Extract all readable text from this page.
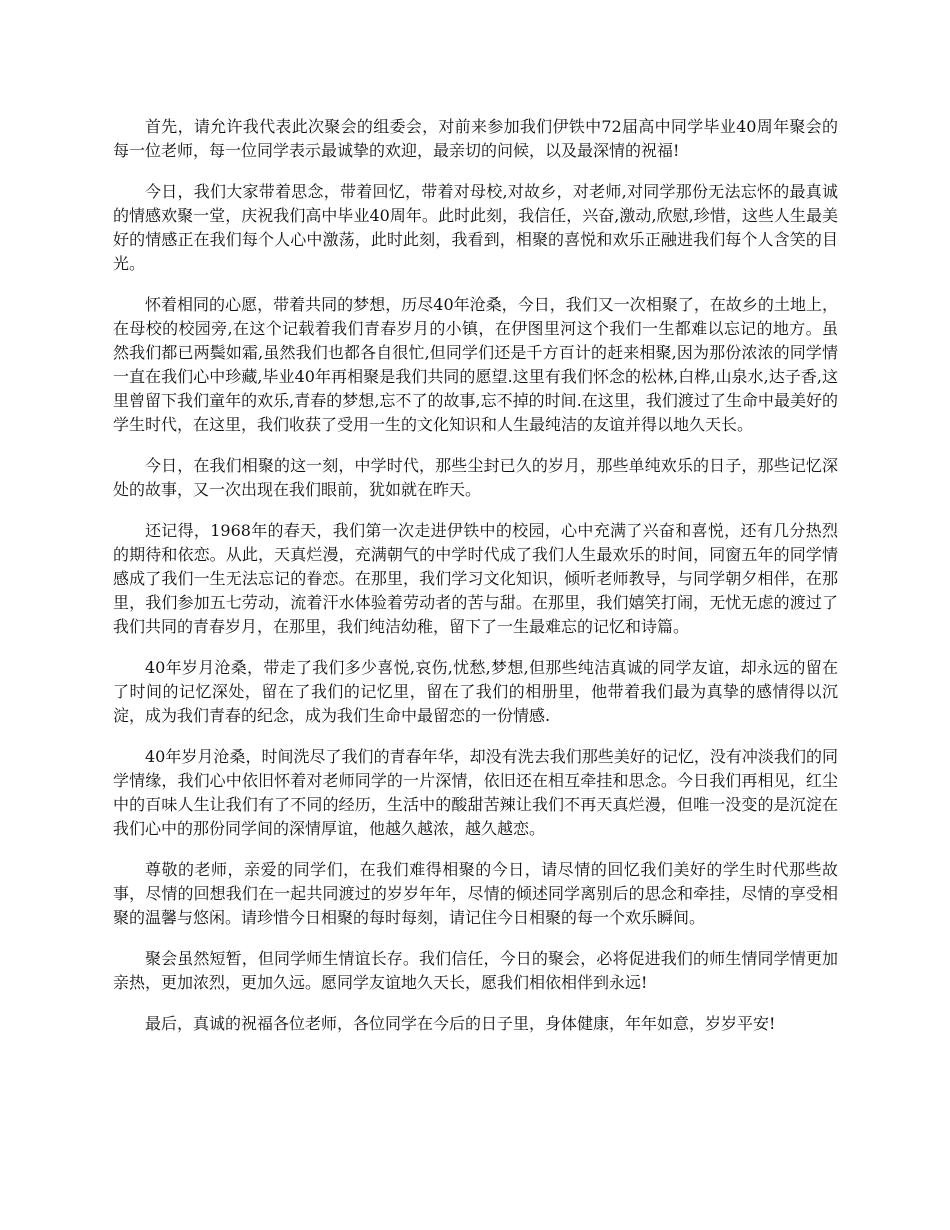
首先，请允许我代表此次聚会的组委会，对前来参加我们伊铁中72届高中同学毕业40周年聚会的每一位老师，每一位同学表示最诚挚的欢迎，最亲切的问候，以及最深情的祝福!

今日，我们大家带着思念，带着回忆，带着对母校,对故乡，对老师,对同学那份无法忘怀的最真诚的情感欢聚一堂，庆祝我们高中毕业40周年。此时此刻，我信任，兴奋,激动,欣慰,珍惜，这些人生最美好的情感正在我们每个人心中激荡，此时此刻，我看到，相聚的喜悦和欢乐正融进我们每个人含笑的目光。

怀着相同的心愿，带着共同的梦想，历尽40年沧桑，今日，我们又一次相聚了，在故乡的土地上，在母校的校园旁,在这个记载着我们青春岁月的小镇，在伊图里河这个我们一生都难以忘记的地方。虽然我们都已两鬓如霜,虽然我们也都各自很忙,但同学们还是千方百计的赶来相聚,因为那份浓浓的同学情一直在我们心中珍藏,毕业40年再相聚是我们共同的愿望.这里有我们怀念的松林,白桦,山泉水,达子香,这里曾留下我们童年的欢乐,青春的梦想,忘不了的故事,忘不掉的时间.在这里，我们渡过了生命中最美好的学生时代，在这里，我们收获了受用一生的文化知识和人生最纯洁的友谊并得以地久天长。

今日，在我们相聚的这一刻，中学时代，那些尘封已久的岁月，那些单纯欢乐的日子，那些记忆深处的故事，又一次出现在我们眼前，犹如就在昨天。

还记得，1968年的春天，我们第一次走进伊铁中的校园，心中充满了兴奋和喜悦，还有几分热烈的期待和依恋。从此，天真烂漫，充满朝气的中学时代成了我们人生最欢乐的时间，同窗五年的同学情感成了我们一生无法忘记的眷恋。在那里，我们学习文化知识，倾听老师教导，与同学朝夕相伴，在那里，我们参加五七劳动，流着汗水体验着劳动者的苦与甜。在那里，我们嬉笑打闹，无忧无虑的渡过了我们共同的青春岁月，在那里，我们纯洁幼稚，留下了一生最难忘的记忆和诗篇。

40年岁月沧桑，带走了我们多少喜悦,哀伤,忧愁,梦想,但那些纯洁真诚的同学友谊，却永远的留在了时间的记忆深处，留在了我们的记忆里，留在了我们的相册里，他带着我们最为真挚的感情得以沉淀，成为我们青春的纪念，成为我们生命中最留恋的一份情感.

40年岁月沧桑，时间洗尽了我们的青春年华，却没有洗去我们那些美好的记忆，没有冲淡我们的同学情缘，我们心中依旧怀着对老师同学的一片深情，依旧还在相互牵挂和思念。今日我们再相见，红尘中的百味人生让我们有了不同的经历，生活中的酸甜苦辣让我们不再天真烂漫，但唯一没变的是沉淀在我们心中的那份同学间的深情厚谊，他越久越浓，越久越恋。

尊敬的老师，亲爱的同学们，在我们难得相聚的今日，请尽情的回忆我们美好的学生时代那些故事，尽情的回想我们在一起共同渡过的岁岁年年，尽情的倾述同学离别后的思念和牵挂，尽情的享受相聚的温馨与悠闲。请珍惜今日相聚的每时每刻，请记住今日相聚的每一个欢乐瞬间。

聚会虽然短暂，但同学师生情谊长存。我们信任，今日的聚会，必将促进我们的师生情同学情更加亲热，更加浓烈，更加久远。愿同学友谊地久天长，愿我们相依相伴到永远!

最后，真诚的祝福各位老师，各位同学在今后的日子里，身体健康，年年如意，岁岁平安!
